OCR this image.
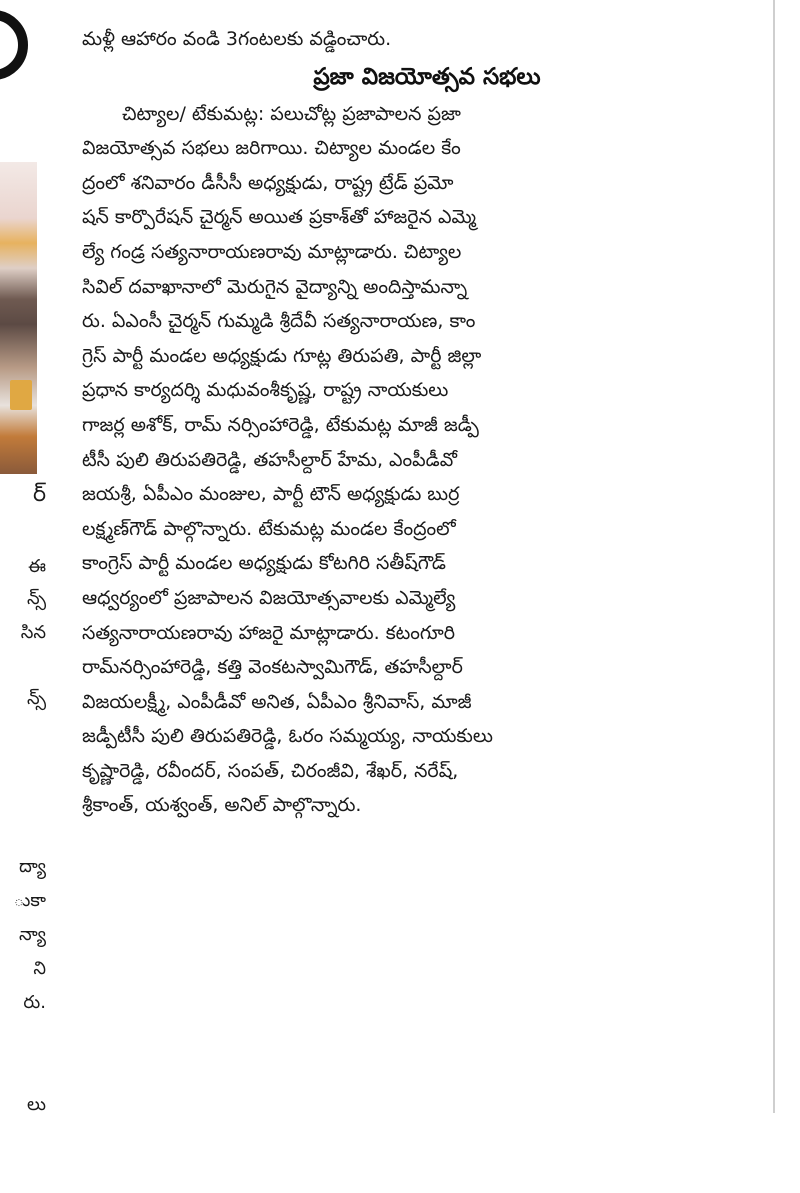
ర్
ఈ
న్స్
సిన
న్స్
ద్యా
ుకా
న్యా
ని
రు.
లు
మళ్లీ ఆహారం వండి 3గంటలకు వడ్డించారు.
ప్రజా విజయోత్సవ సభలు
చిట్యాల/ టేకుమట్ల: పలుచోట్ల ప్రజాపాలన ప్రజా
విజయోత్సవ సభలు జరిగాయి. చిట్యాల మండల కేం
ద్రంలో శనివారం డీసీసీ అధ్యక్షుడు, రాష్ట్ర ట్రేడ్ ప్రమో
షన్ కార్పొరేషన్ చైర్మన్ అయిత ప్రకాశ్‌తో హాజరైన ఎమ్మె
ల్యే గండ్ర సత్యనారాయణరావు మాట్లాడారు. చిట్యాల
సివిల్ దవాఖానాలో మెరుగైన వైద్యాన్ని అందిస్తామన్నా
రు. ఏఎంసీ చైర్మన్ గుమ్మడి శ్రీదేవీ సత్యనారాయణ, కాం
గ్రెస్ పార్టీ మండల అధ్యక్షుడు గూట్ల తిరుపతి, పార్టీ జిల్లా
ప్రధాన కార్యదర్శి మధువంశీకృష్ణ, రాష్ట్ర నాయకులు
గాజర్ల అశోక్, రామ్ నర్సింహారెడ్డి, టేకుమట్ల మాజీ జడ్పీ
టీసీ పులి తిరుపతిరెడ్డి, తహసీల్దార్ హేమ, ఎంపీడీవో
జయశ్రీ, ఏపీఎం మంజుల, పార్టీ టౌన్ అధ్యక్షుడు బుర్ర
లక్ష్మణ్‌గౌడ్ పాల్గొన్నారు. టేకుమట్ల మండల కేంద్రంలో
కాంగ్రెస్ పార్టీ మండల అధ్యక్షుడు కోటగిరి సతీష్‌గౌడ్
ఆధ్వర్యంలో ప్రజాపాలన విజయోత్సవాలకు ఎమ్మెల్యే
సత్యనారాయణరావు హాజరై మాట్లాడారు. కటంగూరి
రామ్‌నర్సింహారెడ్డి, కత్తి వెంకటస్వామిగౌడ్, తహసీల్దార్
విజయలక్ష్మీ, ఎంపీడీవో అనిత, ఏపీఎం శ్రీనివాస్, మాజీ
జడ్పీటీసీ పులి తిరుపతిరెడ్డి, ఓరం సమ్మయ్య, నాయకులు
కృష్ణారెడ్డి, రవీందర్, సంపత్, చిరంజీవి, శేఖర్, నరేష్,
శ్రీకాంత్, యశ్వంత్, అనిల్ పాల్గొన్నారు.
